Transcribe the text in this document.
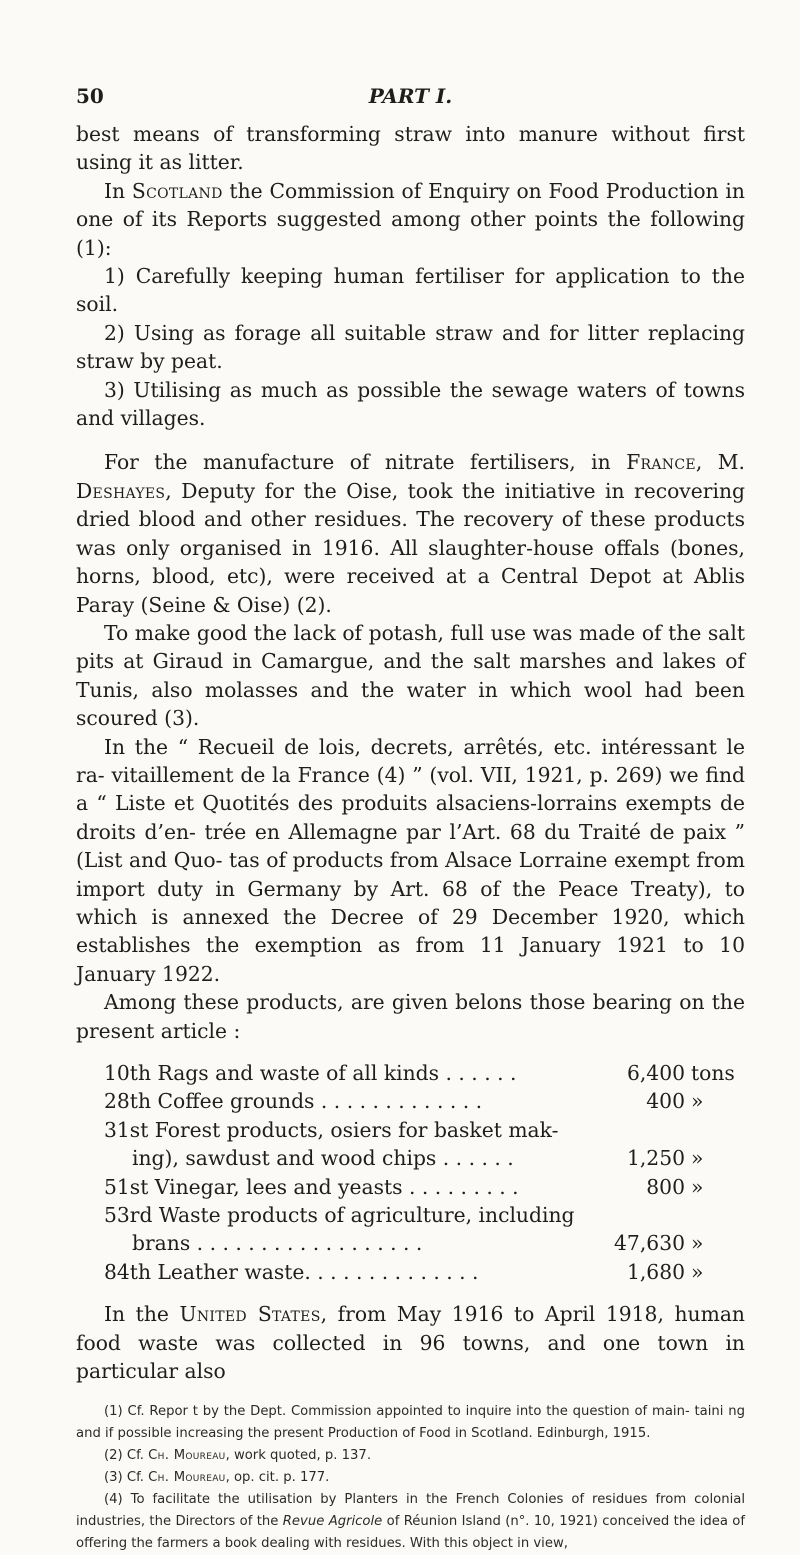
50	PART I.

best means of transforming straw into manure without first using it as litter.

In Scotland the Commission of Enquiry on Food Production in one of its Reports suggested among other points the following (1):

1) Carefully keeping human fertiliser for application to the soil.

2) Using as forage all suitable straw and for litter replacing straw by peat.

3) Utilising as much as possible the sewage waters of towns and villages.

For the manufacture of nitrate fertilisers, in France, M. Deshayes, Deputy for the Oise, took the initiative in recovering dried blood and other residues. The recovery of these products was only organised in 1916. All slaughter-house offals (bones, horns, blood, etc), were received at a Central Depot at Ablis Paray (Seine & Oise) (2).

To make good the lack of potash, full use was made of the salt pits at Giraud in Camargue, and the salt marshes and lakes of Tunis, also molasses and the water in which wool had been scoured (3).

In the “ Recueil de lois, decrets, arrêtés, etc. intéressant le ra- vitaillement de la France (4) ” (vol. VII, 1921, p. 269) we find a “ Liste et Quotités des produits alsaciens-lorrains exempts de droits d’en- trée en Allemagne par l’Art. 68 du Traité de paix ” (List and Quo- tas of products from Alsace Lorraine exempt from import duty in Germany by Art. 68 of the Peace Treaty), to which is annexed the Decree of 29 December 1920, which establishes the exemption as from 11 January 1921 to 10 January 1922.

Among these products, are given belons those bearing on the present article :

10th Rags and waste of all kinds . . . . . .	6,400 tons
28th Coffee grounds . . . . . . . . . . . . .	400 »
31st Forest products, osiers for basket mak-
ing), sawdust and wood chips . . . . . .	1,250 »
51st Vinegar, lees and yeasts . . . . . . . . .	800 »
53rd Waste products of agriculture, including
brans . . . . . . . . . . . . . . . . . .	47,630 »
84th Leather waste. . . . . . . . . . . . . .	1,680 »

In the United States, from May 1916 to April 1918, human food waste was collected in 96 towns, and one town in particular also

(1) Cf. Repor t by the Dept. Commission appointed to inquire into the question of main- taini ng and if possible increasing the present Production of Food in Scotland. Edinburgh, 1915.

(2) Cf. Ch. Moureau, work quoted, p. 137.

(3) Cf. Ch. Moureau, op. cit. p. 177.

(4) To facilitate the utilisation by Planters in the French Colonies of residues from colonial industries, the Directors of the Revue Agricole of Réunion Island (n°. 10, 1921) conceived the idea of offering the farmers a book dealing with residues. With this object in view,
